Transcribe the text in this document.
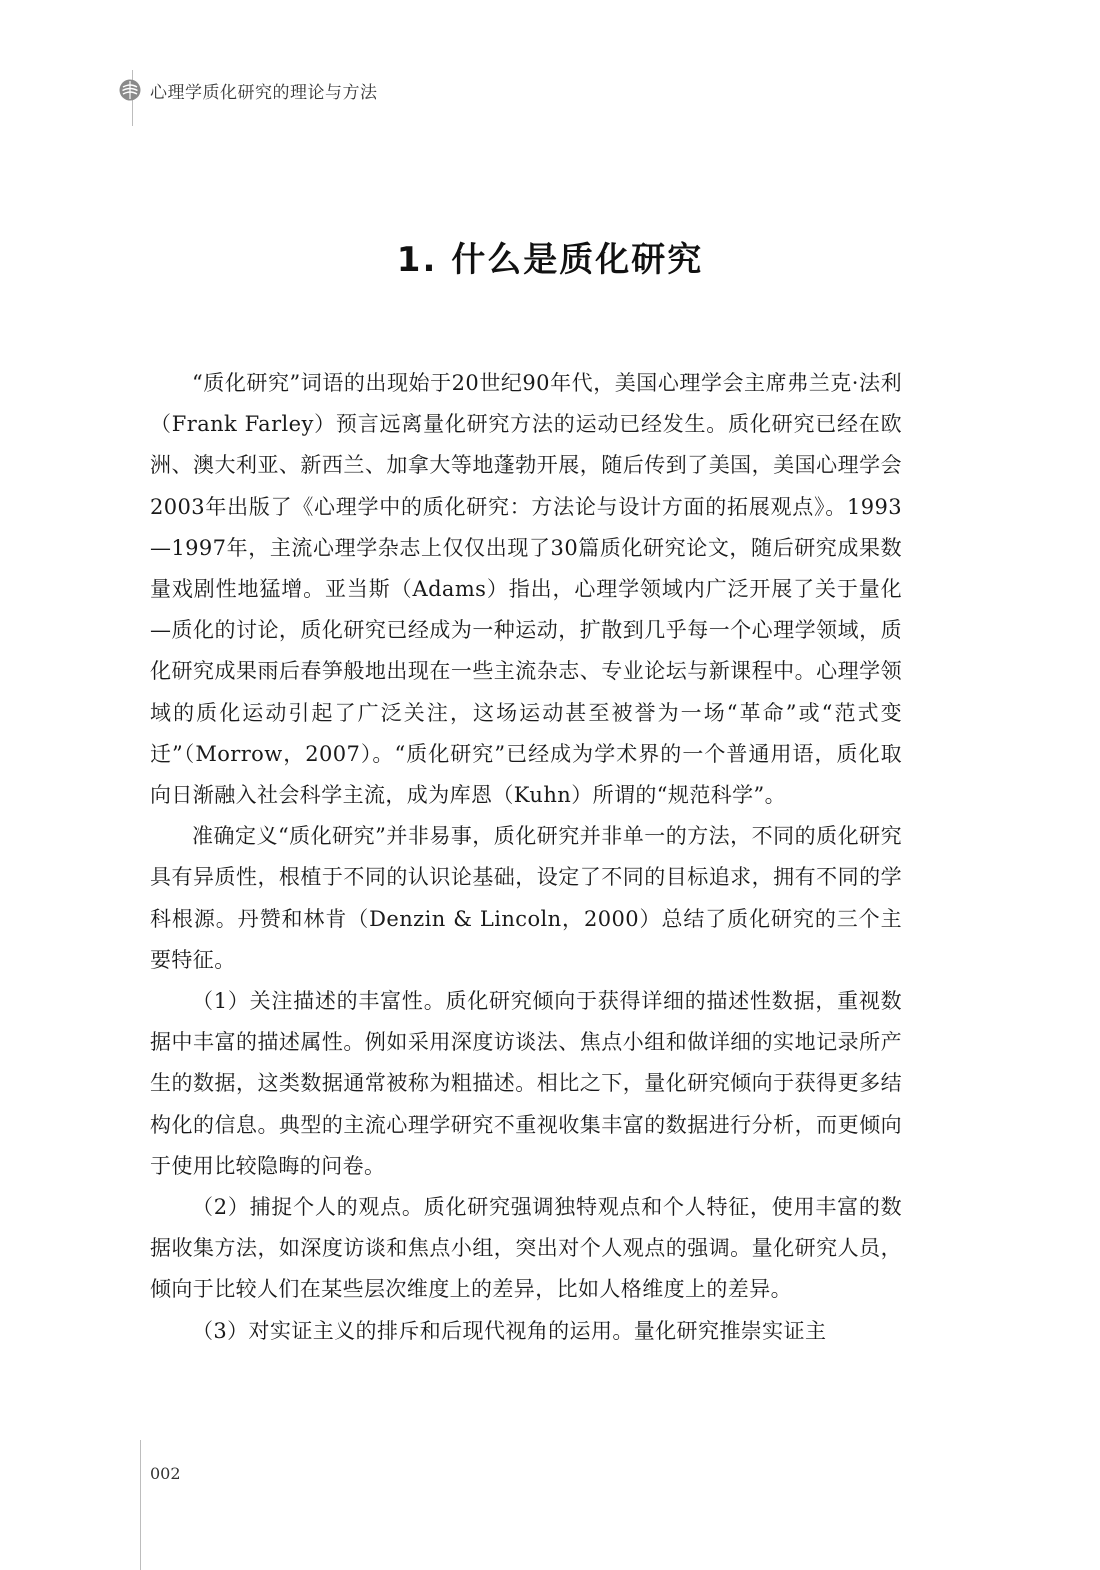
心理学质化研究的理论与方法
1. 什么是质化研究

“质化研究”词语的出现始于20世纪90年代，美国心理学会主席弗兰克·法利（Frank Farley）预言远离量化研究方法的运动已经发生。质化研究已经在欧洲、澳大利亚、新西兰、加拿大等地蓬勃开展，随后传到了美国，美国心理学会2003年出版了《心理学中的质化研究：方法论与设计方面的拓展观点》。1993—1997年，主流心理学杂志上仅仅出现了30篇质化研究论文，随后研究成果数量戏剧性地猛增。亚当斯（Adams）指出，心理学领域内广泛开展了关于量化—质化的讨论，质化研究已经成为一种运动，扩散到几乎每一个心理学领域，质化研究成果雨后春笋般地出现在一些主流杂志、专业论坛与新课程中。心理学领域的质化运动引起了广泛关注，这场运动甚至被誉为一场“革命”或“范式变迁”（Morrow，2007）。“质化研究”已经成为学术界的一个普通用语，质化取向日渐融入社会科学主流，成为库恩（Kuhn）所谓的“规范科学”。

准确定义“质化研究”并非易事，质化研究并非单一的方法，不同的质化研究具有异质性，根植于不同的认识论基础，设定了不同的目标追求，拥有不同的学科根源。丹赞和林肯（Denzin & Lincoln，2000）总结了质化研究的三个主要特征。

（1）关注描述的丰富性。质化研究倾向于获得详细的描述性数据，重视数据中丰富的描述属性。例如采用深度访谈法、焦点小组和做详细的实地记录所产生的数据，这类数据通常被称为粗描述。相比之下，量化研究倾向于获得更多结构化的信息。典型的主流心理学研究不重视收集丰富的数据进行分析，而更倾向于使用比较隐晦的问卷。

（2）捕捉个人的观点。质化研究强调独特观点和个人特征，使用丰富的数据收集方法，如深度访谈和焦点小组，突出对个人观点的强调。量化研究人员，倾向于比较人们在某些层次维度上的差异，比如人格维度上的差异。

（3）对实证主义的排斥和后现代视角的运用。量化研究推崇实证主

002
